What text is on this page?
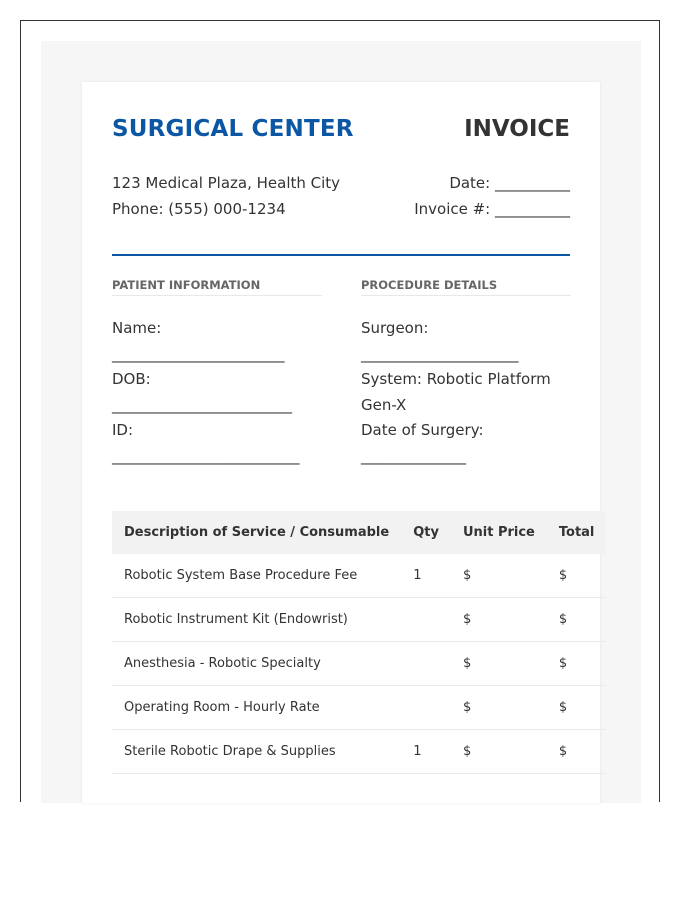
SURGICAL CENTER	INVOICE
123 Medical Plaza, Health City
Phone: (555) 000-1234
Date: __________
Invoice #: __________
PATIENT INFORMATION
Name: _______________________
DOB: ________________________
ID: _________________________
PROCEDURE DETAILS
Surgeon: _____________________
System: Robotic Platform Gen-X
Date of Surgery: ______________
Description of Service / Consumable	Qty	Unit Price	Total
Robotic System Base Procedure Fee	1	$	$
Robotic Instrument Kit (Endowrist)		$	$
Anesthesia - Robotic Specialty		$	$
Operating Room - Hourly Rate		$	$
Sterile Robotic Drape & Supplies	1	$	$
